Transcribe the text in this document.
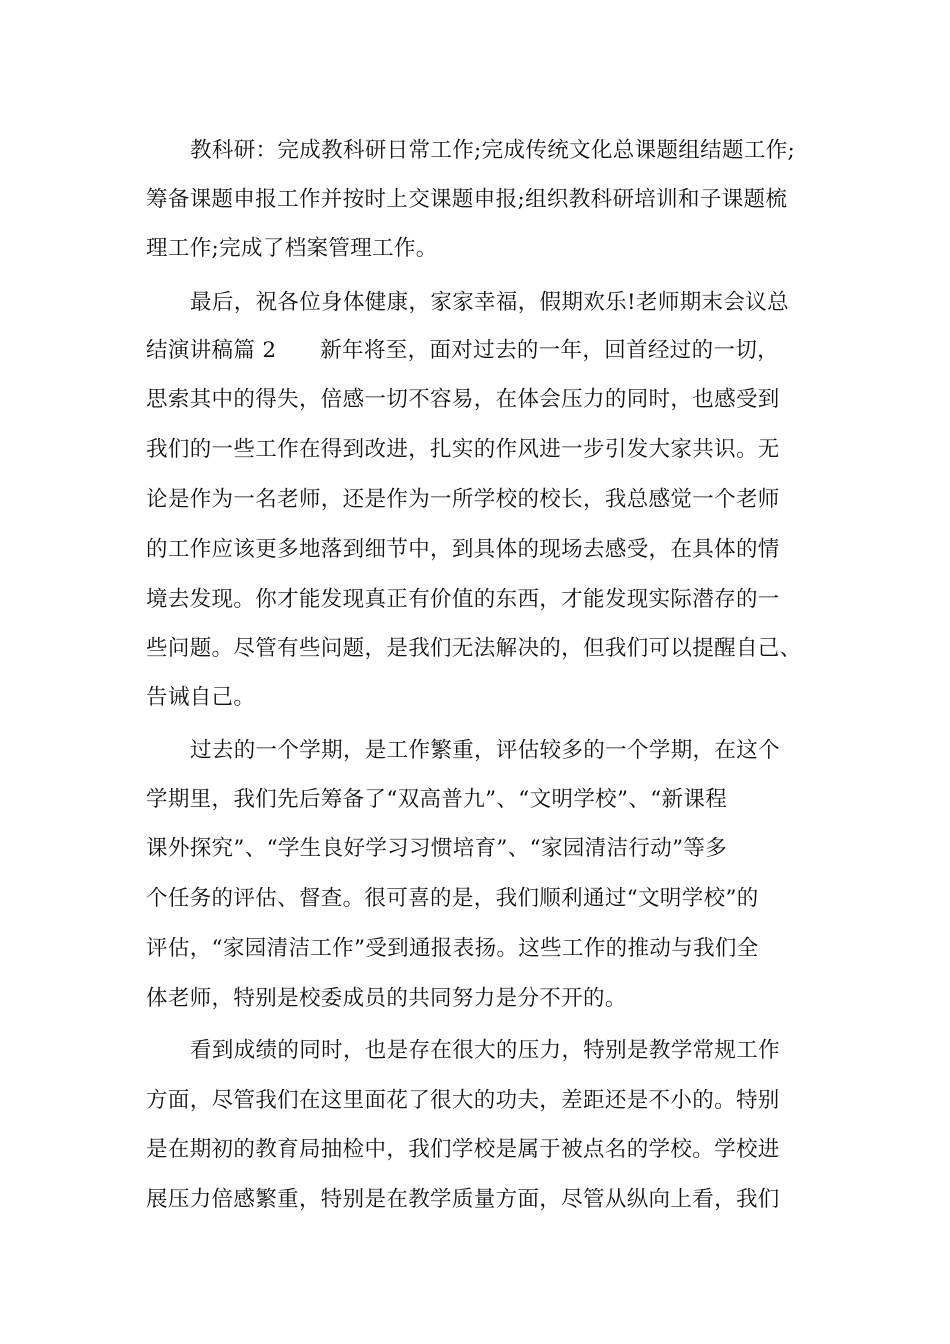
教科研：完成教科研日常工作;完成传统文化总课题组结题工作;
筹备课题申报工作并按时上交课题申报;组织教科研培训和子课题梳
理工作;完成了档案管理工作。
最后，祝各位身体健康，家家幸福，假期欢乐!老师期末会议总
结演讲稿篇 2　　新年将至，面对过去的一年，回首经过的一切，
思索其中的得失，倍感一切不容易，在体会压力的同时，也感受到
我们的一些工作在得到改进，扎实的作风进一步引发大家共识。无
论是作为一名老师，还是作为一所学校的校长，我总感觉一个老师
的工作应该更多地落到细节中，到具体的现场去感受，在具体的情
境去发现。你才能发现真正有价值的东西，才能发现实际潜存的一
些问题。尽管有些问题，是我们无法解决的，但我们可以提醒自己、
告诫自己。
过去的一个学期，是工作繁重，评估较多的一个学期，在这个
学期里，我们先后筹备了“双高普九”、“文明学校”、“新课程
课外探究”、“学生良好学习习惯培育”、“家园清洁行动”等多
个任务的评估、督查。很可喜的是，我们顺利通过“文明学校”的
评估，“家园清洁工作”受到通报表扬。这些工作的推动与我们全
体老师，特别是校委成员的共同努力是分不开的。
看到成绩的同时，也是存在很大的压力，特别是教学常规工作
方面，尽管我们在这里面花了很大的功夫，差距还是不小的。特别
是在期初的教育局抽检中，我们学校是属于被点名的学校。学校进
展压力倍感繁重，特别是在教学质量方面，尽管从纵向上看，我们
